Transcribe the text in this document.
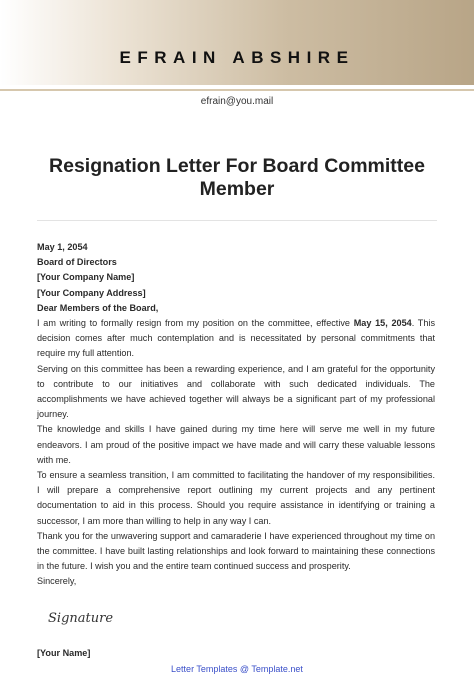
EFRAIN ABSHIRE
efrain@you.mail
Resignation Letter For Board Committee Member

May 1, 2054

Board of Directors

[Your Company Name]

[Your Company Address]

Dear Members of the Board,

I am writing to formally resign from my position on the committee, effective May 15, 2054. This decision comes after much contemplation and is necessitated by personal commitments that require my full attention.

Serving on this committee has been a rewarding experience, and I am grateful for the opportunity to contribute to our initiatives and collaborate with such dedicated individuals. The accomplishments we have achieved together will always be a significant part of my professional journey.

The knowledge and skills I have gained during my time here will serve me well in my future endeavors. I am proud of the positive impact we have made and will carry these valuable lessons with me.

To ensure a seamless transition, I am committed to facilitating the handover of my responsibilities. I will prepare a comprehensive report outlining my current projects and any pertinent documentation to aid in this process. Should you require assistance in identifying or training a successor, I am more than willing to help in any way I can.

Thank you for the unwavering support and camaraderie I have experienced throughout my time on the committee. I have built lasting relationships and look forward to maintaining these connections in the future. I wish you and the entire team continued success and prosperity.

Sincerely,

Signature
[Your Name]
Letter Templates @ Template.net
